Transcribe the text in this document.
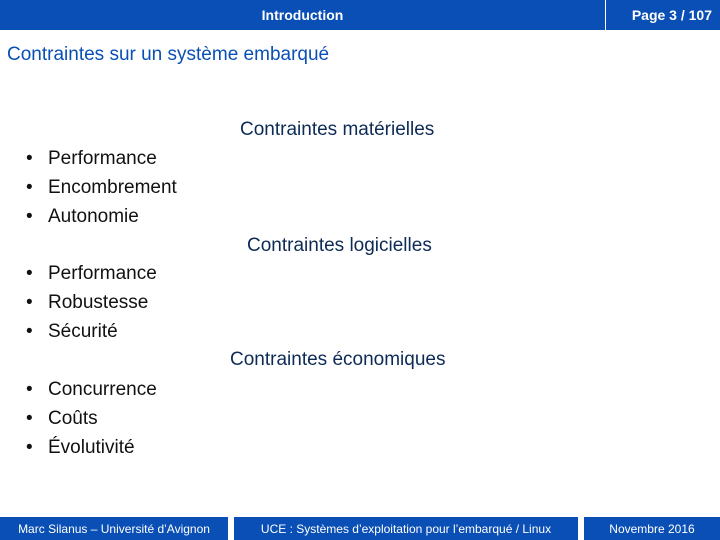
Introduction	Page 3 / 107
Contraintes sur un système embarqué
Contraintes matérielles
• Performance
• Encombrement
• Autonomie
Contraintes logicielles
• Performance
• Robustesse
• Sécurité
Contraintes économiques
• Concurrence
• Coûts
• Évolutivité
Marc Silanus – Université d’Avignon	UCE : Systèmes d’exploitation pour l’embarqué / Linux	Novembre 2016
